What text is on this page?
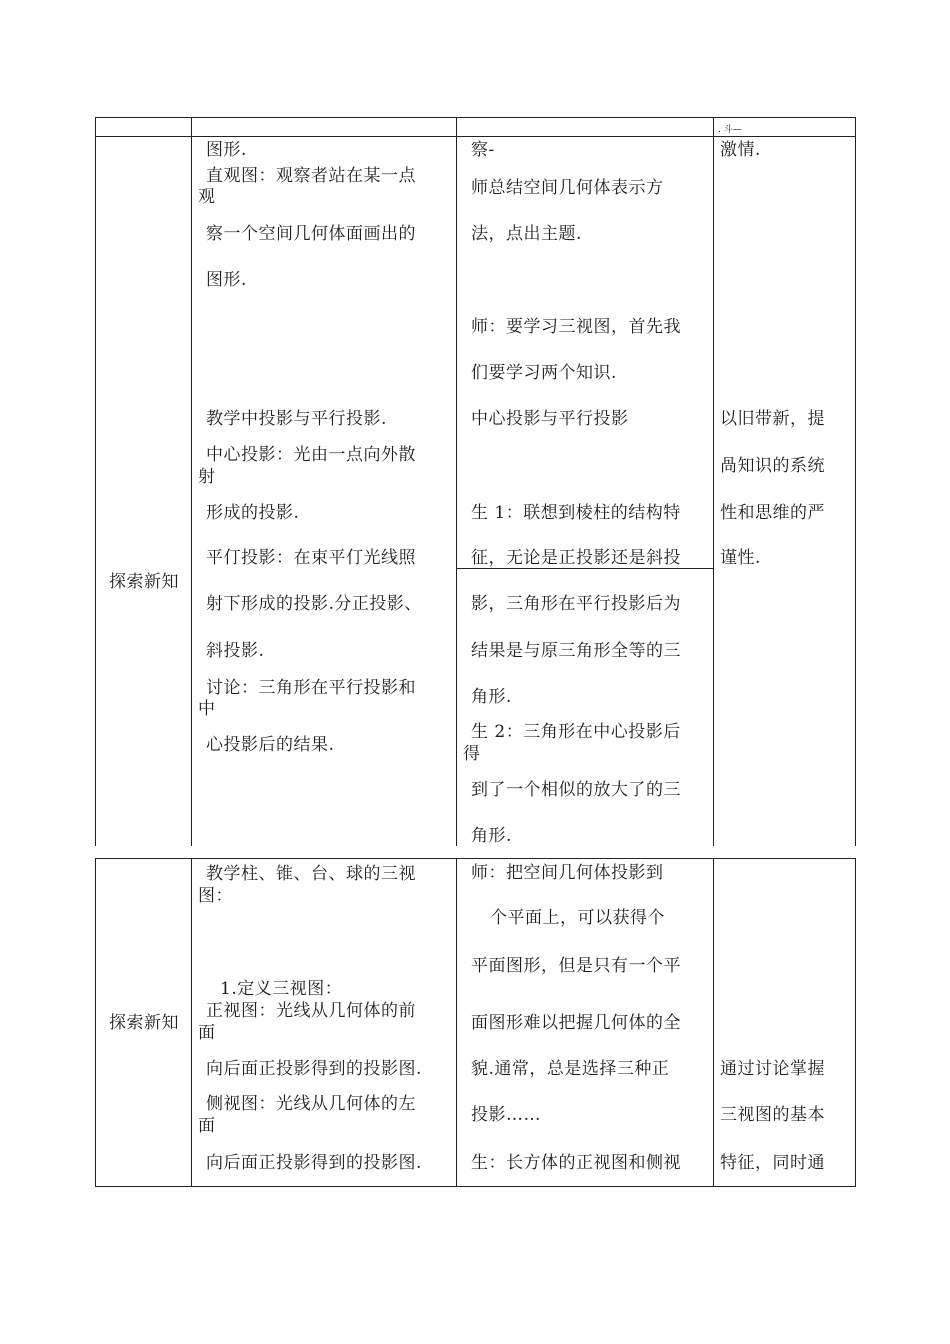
. 斗—
探索新知
图形.
直观图：观察者站在某一点
观
察一个空间几何体面画出的
图形.
教学中投影与平行投影.
中心投影：光由一点向外散
射
形成的投影.
平仃投影：在束平仃光线照
射下形成的投影.分正投影、
斜投影.
讨论：三角形在平行投影和
中
心投影后的结果.
察-
师总结空间几何体表示方
法，点出主题.
师：要学习三视图，首先我
们要学习两个知识.
中心投影与平行投影
生 1：联想到棱柱的结构特
征，无论是正投影还是斜投
影，三角形在平行投影后为
结果是与原三角形全等的三
角形.
生 2：三角形在中心投影后
得
到了一个相似的放大了的三
角形.
激情.
以旧带新，提
咼知识的系统
性和思维的严
谨性.
探索新知
教学柱、锥、台、球的三视
图：
1.定义三视图：
正视图：光线从几何体的前
面
向后面正投影得到的投影图.
侧视图：光线从几何体的左
面
向后面正投影得到的投影图.
师：把空间几何体投影到
个平面上，可以获得个
平面图形，但是只有一个平
面图形难以把握几何体的全
貌.通常，总是选择三种正
投影……
生：长方体的正视图和侧视
通过讨论掌握
三视图的基本
特征，同时通
